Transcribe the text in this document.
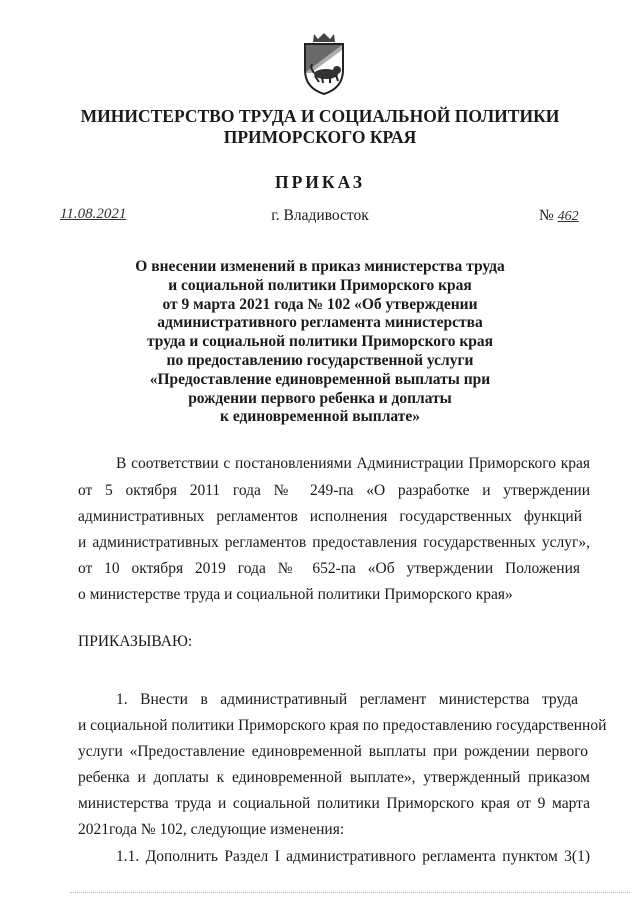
МИНИСТЕРСТВО ТРУДА И СОЦИАЛЬНОЙ ПОЛИТИКИ
ПРИМОРСКОГО КРАЯ
ПРИКАЗ
11.08.2021	г. Владивосток	№ 462
О внесении изменений в приказ министерства труда
и социальной политики Приморского края
от 9 марта 2021 года № 102 «Об утверждении
административного регламента министерства
труда и социальной политики Приморского края
по предоставлению государственной услуги
«Предоставление единовременной выплаты при
рождении первого ребенка и доплаты
к единовременной выплате»
В соответствии с постановлениями Администрации Приморского края
от 5 октября 2011 года № 249-па «О разработке и утверждении
административных регламентов исполнения государственных функций
и административных регламентов предоставления государственных услуг»,
от 10 октября 2019 года № 652-па «Об утверждении Положения
о министерстве труда и социальной политики Приморского края»
ПРИКАЗЫВАЮ:
1. Внести в административный регламент министерства труда
и социальной политики Приморского края по предоставлению государственной
услуги «Предоставление единовременной выплаты при рождении первого
ребенка и доплаты к единовременной выплате», утвержденный приказом
министерства труда и социальной политики Приморского края от 9 марта
2021года № 102, следующие изменения:
1.1. Дополнить Раздел I административного регламента пунктом 3(1)
